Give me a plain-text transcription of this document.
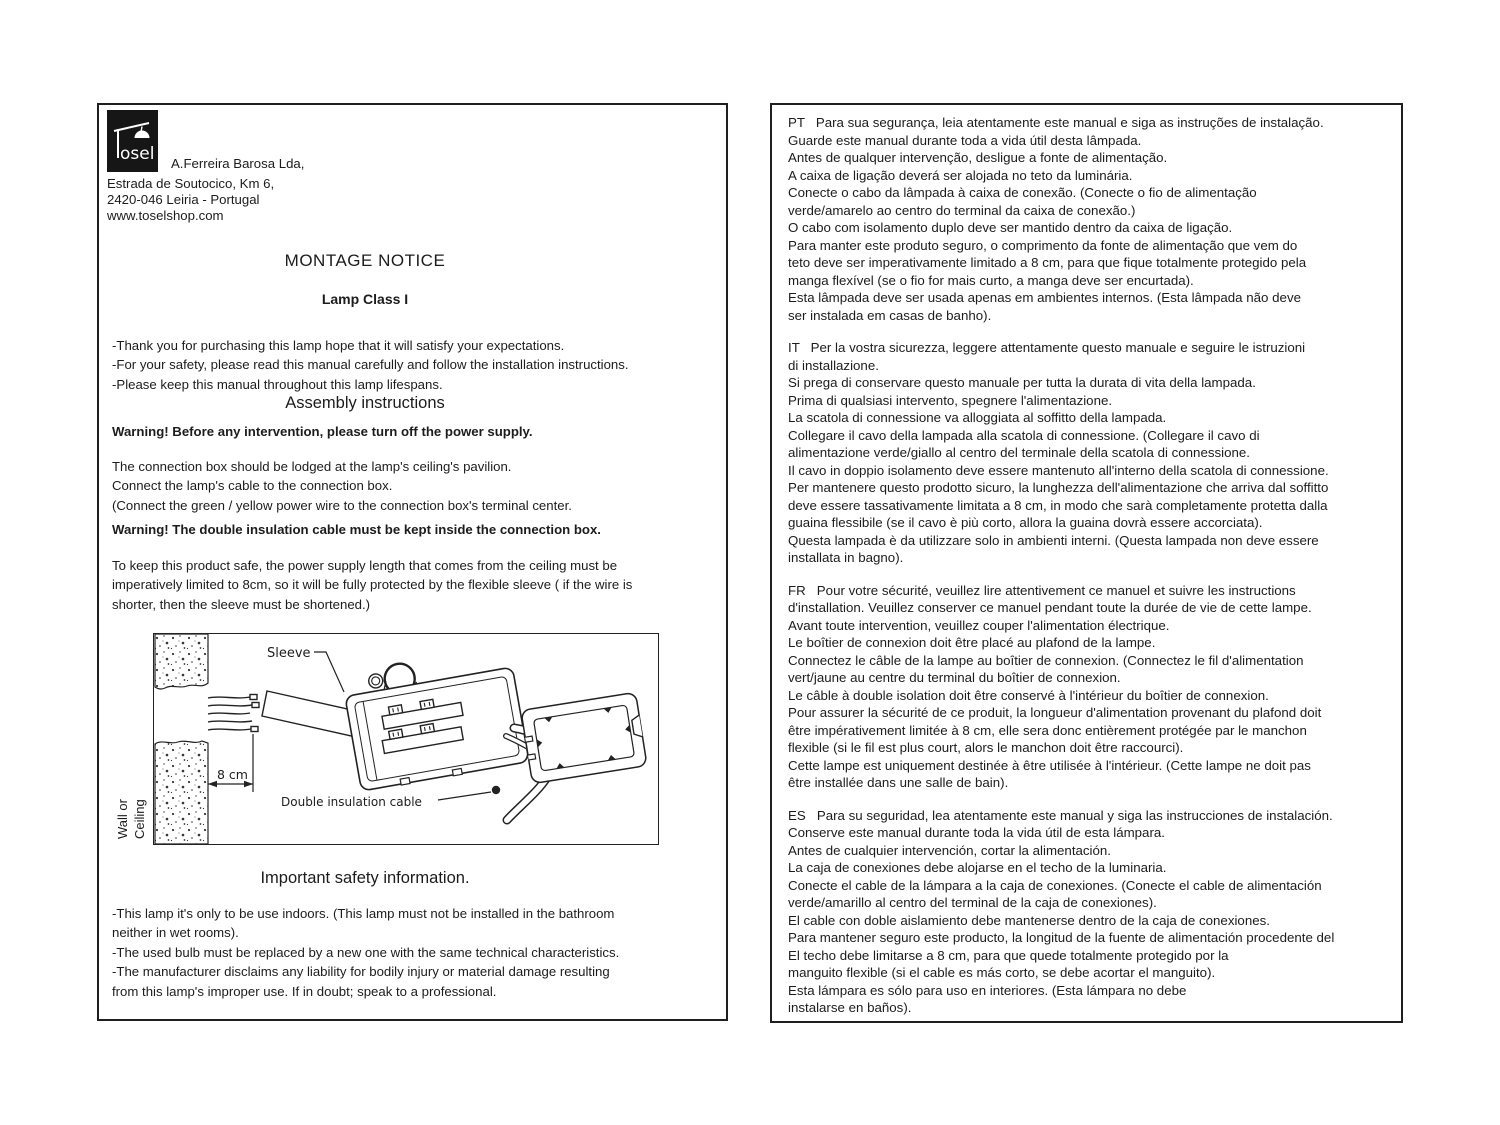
osel A.Ferreira Barosa Lda,
Estrada de Soutocico, Km 6,
2420-046 Leiria - Portugal
www.toselshop.com
MONTAGE NOTICE
Lamp Class I
-Thank you for purchasing this lamp hope that it will satisfy your expectations.
-For your safety, please read this manual carefully and follow the installation instructions.
-Please keep this manual throughout this lamp lifespans.
Assembly instructions
Warning! Before any intervention, please turn off the power supply.
The connection box should be lodged at the lamp's ceiling's pavilion.
Connect the lamp's cable to the connection box.
(Connect the green / yellow power wire to the connection box's terminal center.
Warning! The double insulation cable must be kept inside the connection box.
To keep this product safe, the power supply length that comes from the ceiling must be
imperatively limited to 8cm, so it will be fully protected by the flexible sleeve ( if the wire is
shorter, then the sleeve must be shortened.)
8 cm
Sleeve
Double insulation cable
Wall or Ceiling
Important safety information.
-This lamp it's only to be use indoors. (This lamp must not be installed in the bathroom
neither in wet rooms).
-The used bulb must be replaced by a new one with the same technical characteristics.
-The manufacturer disclaims any liability for bodily injury or material damage resulting
from this lamp's improper use. If in doubt; speak to a professional.
PT   Para sua segurança, leia atentamente este manual e siga as instruções de instalação.
Guarde este manual durante toda a vida útil desta lâmpada.
Antes de qualquer intervenção, desligue a fonte de alimentação.
A caixa de ligação deverá ser alojada no teto da luminária.
Conecte o cabo da lâmpada à caixa de conexão. (Conecte o fio de alimentação
verde/amarelo ao centro do terminal da caixa de conexão.)
O cabo com isolamento duplo deve ser mantido dentro da caixa de ligação.
Para manter este produto seguro, o comprimento da fonte de alimentação que vem do
teto deve ser imperativamente limitado a 8 cm, para que fique totalmente protegido pela
manga flexível (se o fio for mais curto, a manga deve ser encurtada).
Esta lâmpada deve ser usada apenas em ambientes internos. (Esta lâmpada não deve
ser instalada em casas de banho).
IT   Per la vostra sicurezza, leggere attentamente questo manuale e seguire le istruzioni
di installazione.
Si prega di conservare questo manuale per tutta la durata di vita della lampada.
Prima di qualsiasi intervento, spegnere l'alimentazione.
La scatola di connessione va alloggiata al soffitto della lampada.
Collegare il cavo della lampada alla scatola di connessione. (Collegare il cavo di
alimentazione verde/giallo al centro del terminale della scatola di connessione.
Il cavo in doppio isolamento deve essere mantenuto all'interno della scatola di connessione.
Per mantenere questo prodotto sicuro, la lunghezza dell'alimentazione che arriva dal soffitto
deve essere tassativamente limitata a 8 cm, in modo che sarà completamente protetta dalla
guaina flessibile (se il cavo è più corto, allora la guaina dovrà essere accorciata).
Questa lampada è da utilizzare solo in ambienti interni. (Questa lampada non deve essere
installata in bagno).
FR   Pour votre sécurité, veuillez lire attentivement ce manuel et suivre les instructions
d'installation. Veuillez conserver ce manuel pendant toute la durée de vie de cette lampe.
Avant toute intervention, veuillez couper l'alimentation électrique.
Le boîtier de connexion doit être placé au plafond de la lampe.
Connectez le câble de la lampe au boîtier de connexion. (Connectez le fil d'alimentation
vert/jaune au centre du terminal du boîtier de connexion.
Le câble à double isolation doit être conservé à l'intérieur du boîtier de connexion.
Pour assurer la sécurité de ce produit, la longueur d'alimentation provenant du plafond doit
être impérativement limitée à 8 cm, elle sera donc entièrement protégée par le manchon
flexible (si le fil est plus court, alors le manchon doit être raccourci).
Cette lampe est uniquement destinée à être utilisée à l'intérieur. (Cette lampe ne doit pas
être installée dans une salle de bain).
ES   Para su seguridad, lea atentamente este manual y siga las instrucciones de instalación.
Conserve este manual durante toda la vida útil de esta lámpara.
Antes de cualquier intervención, cortar la alimentación.
La caja de conexiones debe alojarse en el techo de la luminaria.
Conecte el cable de la lámpara a la caja de conexiones. (Conecte el cable de alimentación
verde/amarillo al centro del terminal de la caja de conexiones).
El cable con doble aislamiento debe mantenerse dentro de la caja de conexiones.
Para mantener seguro este producto, la longitud de la fuente de alimentación procedente del
El techo debe limitarse a 8 cm, para que quede totalmente protegido por la
manguito flexible (si el cable es más corto, se debe acortar el manguito).
Esta lámpara es sólo para uso en interiores. (Esta lámpara no debe
instalarse en baños).
